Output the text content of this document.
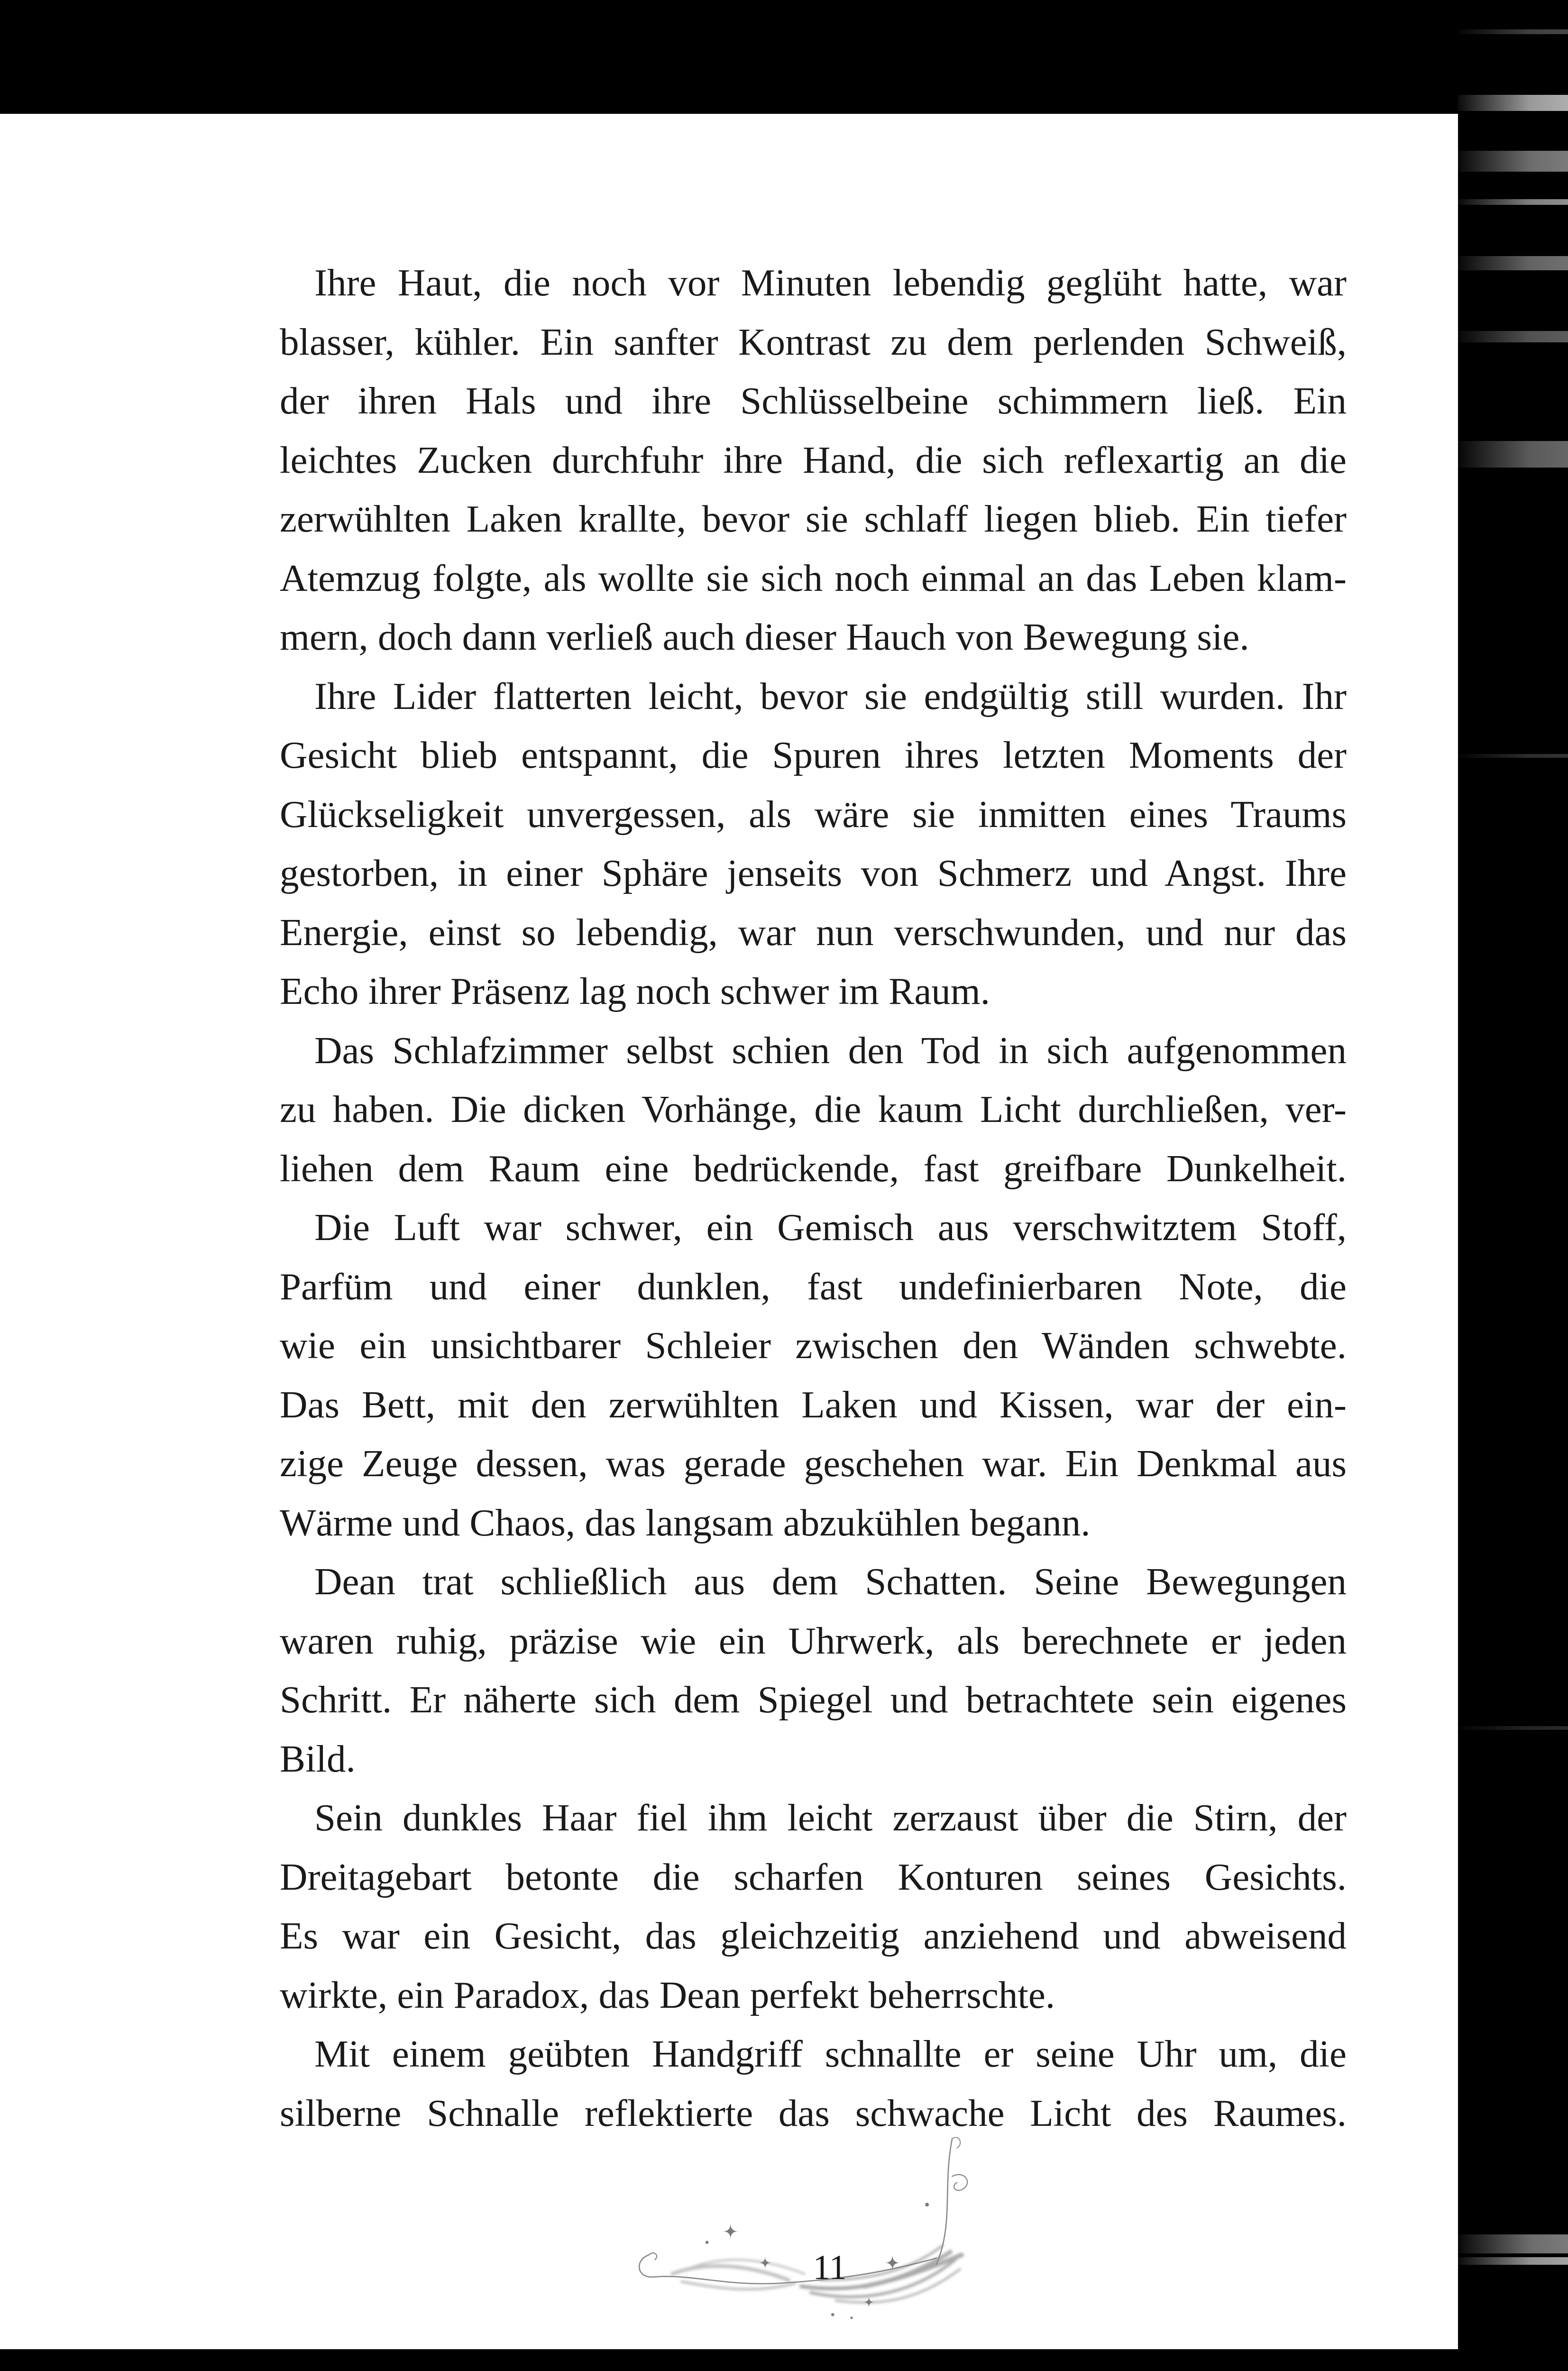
Ihre Haut, die noch vor Minuten lebendig geglüht hatte, war
blasser, kühler. Ein sanfter Kontrast zu dem perlenden Schweiß,
der ihren Hals und ihre Schlüsselbeine schimmern ließ. Ein
leichtes Zucken durchfuhr ihre Hand, die sich reflexartig an die
zerwühlten Laken krallte, bevor sie schlaff liegen blieb. Ein tiefer
Atemzug folgte, als wollte sie sich noch einmal an das Leben klam-
mern, doch dann verließ auch dieser Hauch von Bewegung sie.
Ihre Lider flatterten leicht, bevor sie endgültig still wurden. Ihr
Gesicht blieb entspannt, die Spuren ihres letzten Moments der
Glückseligkeit unvergessen, als wäre sie inmitten eines Traums
gestorben, in einer Sphäre jenseits von Schmerz und Angst. Ihre
Energie, einst so lebendig, war nun verschwunden, und nur das
Echo ihrer Präsenz lag noch schwer im Raum.
Das Schlafzimmer selbst schien den Tod in sich aufgenommen
zu haben. Die dicken Vorhänge, die kaum Licht durchließen, ver-
liehen dem Raum eine bedrückende, fast greifbare Dunkelheit.
Die Luft war schwer, ein Gemisch aus verschwitztem Stoff,
Parfüm und einer dunklen, fast undefinierbaren Note, die
wie ein unsichtbarer Schleier zwischen den Wänden schwebte.
Das Bett, mit den zerwühlten Laken und Kissen, war der ein-
zige Zeuge dessen, was gerade geschehen war. Ein Denkmal aus
Wärme und Chaos, das langsam abzukühlen begann.
Dean trat schließlich aus dem Schatten. Seine Bewegungen
waren ruhig, präzise wie ein Uhrwerk, als berechnete er jeden
Schritt. Er näherte sich dem Spiegel und betrachtete sein eigenes
Bild.
Sein dunkles Haar fiel ihm leicht zerzaust über die Stirn, der
Dreitagebart betonte die scharfen Konturen seines Gesichts.
Es war ein Gesicht, das gleichzeitig anziehend und abweisend
wirkte, ein Paradox, das Dean perfekt beherrschte.
Mit einem geübten Handgriff schnallte er seine Uhr um, die
silberne Schnalle reflektierte das schwache Licht des Raumes.
11
